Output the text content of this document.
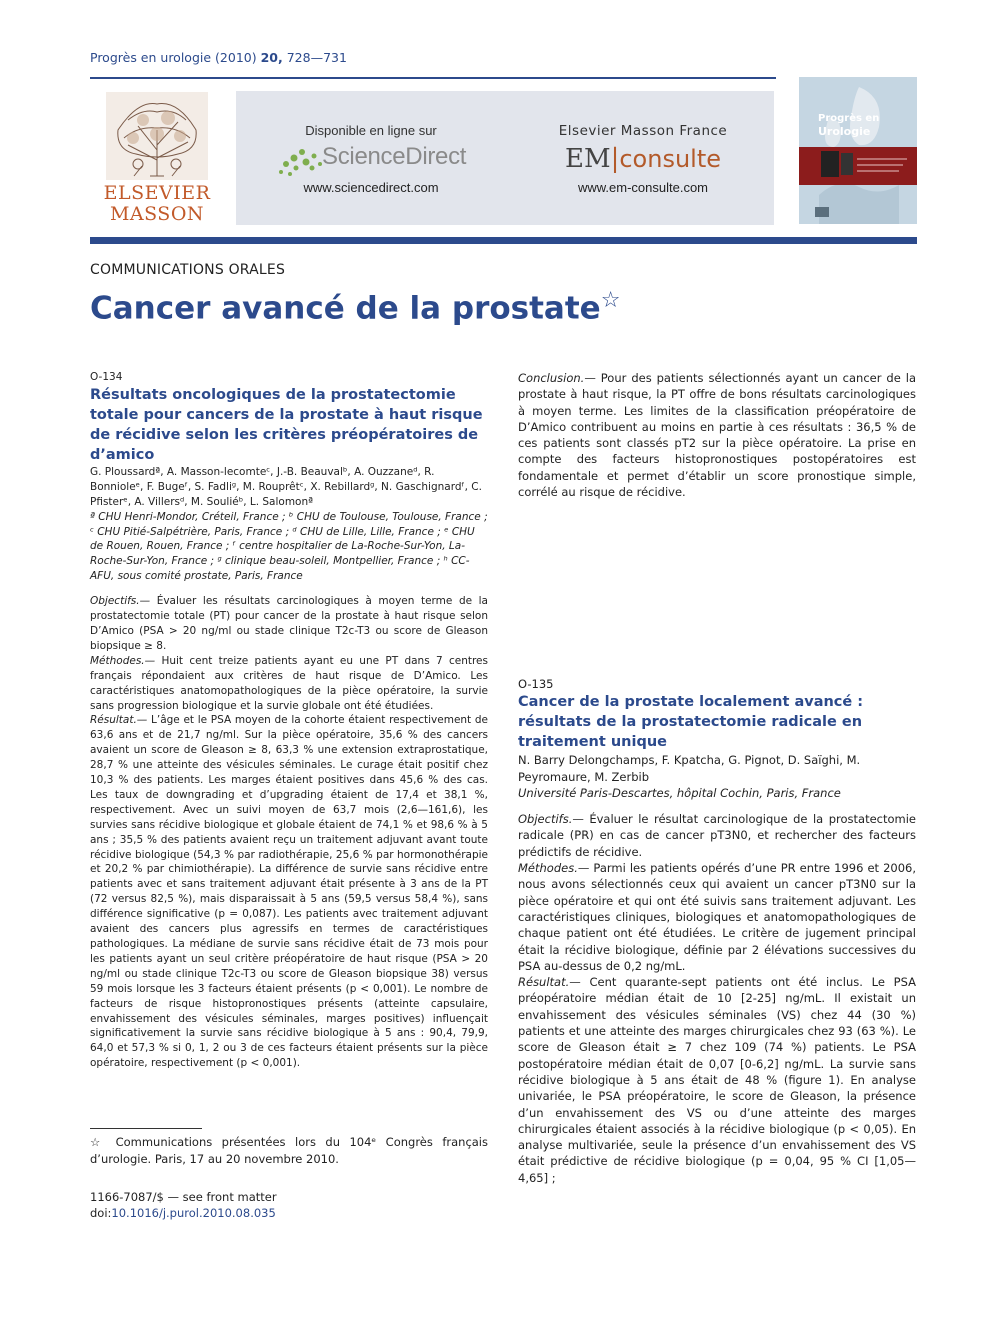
Progrès en urologie (2010) 20, 728—731
ELSEVIER
MASSON
Disponible en ligne sur
ScienceDirect
www.sciencedirect.com
Elsevier Masson France
EM|consulte
www.em-consulte.com
Progrès en
Urologie
COMMUNICATIONS ORALES
Cancer avancé de la prostate☆
O-134
Résultats oncologiques de la prostatectomie totale pour cancers de la prostate à haut risque de récidive selon les critères préopératoires de d’amico
G. Ploussardª, A. Masson-lecomteᶜ, J.-B. Beauvalᵇ, A. Ouzzaneᵈ, R. Bonnioleᵉ, F. Bugeᶠ, S. Fadliᵍ, M. Rouprêtᶜ, X. Rebillardᵍ, N. Gaschignardᶠ, C. Pfisterᵉ, A. Villersᵈ, M. Souliéᵇ, L. Salomonª
ª CHU Henri-Mondor, Créteil, France ; ᵇ CHU de Toulouse, Toulouse, France ; ᶜ CHU Pitié-Salpétrière, Paris, France ; ᵈ CHU de Lille, Lille, France ; ᵉ CHU de Rouen, Rouen, France ; ᶠ centre hospitalier de La-Roche-Sur-Yon, La-Roche-Sur-Yon, France ; ᵍ clinique beau-soleil, Montpellier, France ; ʰ CC-AFU, sous comité prostate, Paris, France

Objectifs.— Évaluer les résultats carcinologiques à moyen terme de la prostatectomie totale (PT) pour cancer de la prostate à haut risque selon D’Amico (PSA > 20 ng/ml ou stade clinique T2c-T3 ou score de Gleason biopsique ≥ 8.

Méthodes.— Huit cent treize patients ayant eu une PT dans 7 centres français répondaient aux critères de haut risque de D’Amico. Les caractéristiques anatomopathologiques de la pièce opératoire, la survie sans progression biologique et la survie globale ont été étudiées.

Résultat.— L’âge et le PSA moyen de la cohorte étaient respectivement de 63,6 ans et de 21,7 ng/ml. Sur la pièce opératoire, 35,6 % des cancers avaient un score de Gleason ≥ 8, 63,3 % une extension extraprostatique, 28,7 % une atteinte des vésicules séminales. Le curage était positif chez 10,3 % des patients. Les marges étaient positives dans 45,6 % des cas. Les taux de downgrading et d’upgrading étaient de 17,4 et 38,1 %, respectivement. Avec un suivi moyen de 63,7 mois (2,6—161,6), les survies sans récidive biologique et globale étaient de 74,1 % et 98,6 % à 5 ans ; 35,5 % des patients avaient reçu un traitement adjuvant avant toute récidive biologique (54,3 % par radiothérapie, 25,6 % par hormonothérapie et 20,2 % par chimiothérapie). La différence de survie sans récidive entre patients avec et sans traitement adjuvant était présente à 3 ans de la PT (72 versus 82,5 %), mais disparaissait à 5 ans (59,5 versus 58,4 %), sans différence significative (p = 0,087). Les patients avec traitement adjuvant avaient des cancers plus agressifs en termes de caractéristiques pathologiques. La médiane de survie sans récidive était de 73 mois pour les patients ayant un seul critère préopératoire de haut risque (PSA > 20 ng/ml ou stade clinique T2c-T3 ou score de Gleason biopsique 38) versus 59 mois lorsque les 3 facteurs étaient présents (p < 0,001). Le nombre de facteurs de risque histopronostiques présents (atteinte capsulaire, envahissement des vésicules séminales, marges positives) influençait significativement la survie sans récidive biologique à 5 ans : 90,4, 79,9, 64,0 et 57,3 % si 0, 1, 2 ou 3 de ces facteurs étaient présents sur la pièce opératoire, respectivement (p < 0,001).

Conclusion.— Pour des patients sélectionnés ayant un cancer de la prostate à haut risque, la PT offre de bons résultats carcinologiques à moyen terme. Les limites de la classification préopératoire de D’Amico contribuent au moins en partie à ces résultats : 36,5 % de ces patients sont classés pT2 sur la pièce opératoire. La prise en compte des facteurs histopronostiques postopératoires est fondamentale et permet d’établir un score pronostique simple, corrélé au risque de récidive.

O-135
Cancer de la prostate localement avancé : résultats de la prostatectomie radicale en traitement unique
N. Barry Delongchamps, F. Kpatcha, G. Pignot, D. Saïghi, M. Peyromaure, M. Zerbib
Université Paris-Descartes, hôpital Cochin, Paris, France

Objectifs.— Évaluer le résultat carcinologique de la prostatectomie radicale (PR) en cas de cancer pT3N0, et rechercher des facteurs prédictifs de récidive.

Méthodes.— Parmi les patients opérés d’une PR entre 1996 et 2006, nous avons sélectionnés ceux qui avaient un cancer pT3N0 sur la pièce opératoire et qui ont été suivis sans traitement adjuvant. Les caractéristiques cliniques, biologiques et anatomopathologiques de chaque patient ont été étudiées. Le critère de jugement principal était la récidive biologique, définie par 2 élévations successives du PSA au-dessus de 0,2 ng/mL.

Résultat.— Cent quarante-sept patients ont été inclus. Le PSA préopératoire médian était de 10 [2-25] ng/mL. Il existait un envahissement des vésicules séminales (VS) chez 44 (30 %) patients et une atteinte des marges chirurgicales chez 93 (63 %). Le score de Gleason était ≥ 7 chez 109 (74 %) patients. Le PSA postopératoire médian était de 0,07 [0-6,2] ng/mL. La survie sans récidive biologique à 5 ans était de 48 % (figure 1). En analyse univariée, le PSA préopératoire, le score de Gleason, la présence d’un envahissement des VS ou d’une atteinte des marges chirurgicales étaient associés à la récidive biologique (p < 0,05). En analyse multivariée, seule la présence d’un envahissement des VS était prédictive de récidive biologique (p = 0,04, 95 % CI [1,05—4,65] ;

☆ Communications présentées lors du 104ᵉ Congrès français d’urologie. Paris, 17 au 20 novembre 2010.
1166-7087/$ — see front matter
doi:10.1016/j.purol.2010.08.035
